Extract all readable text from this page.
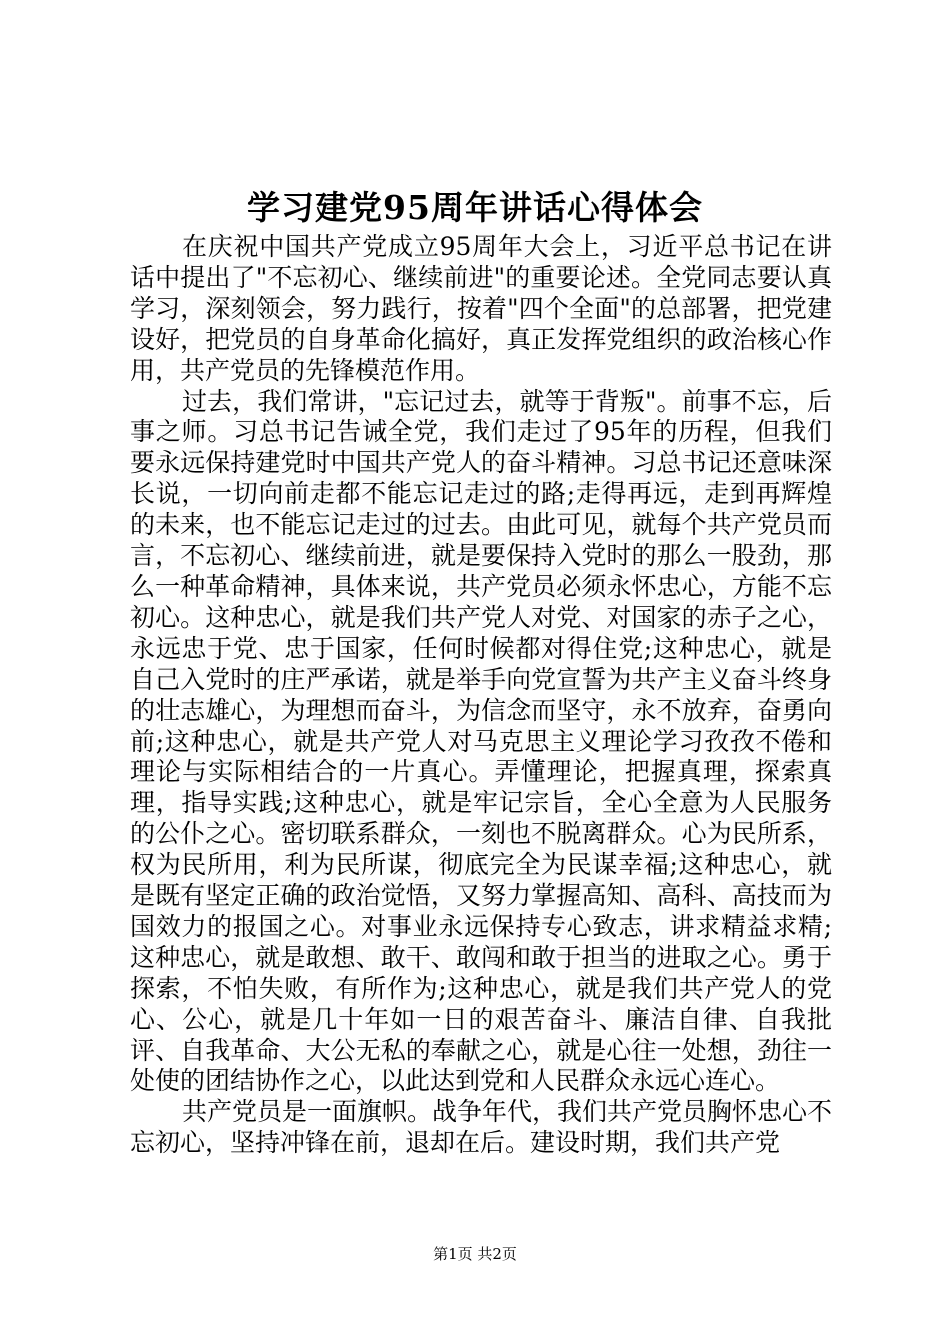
学习建党95周年讲话心得体会

在庆祝中国共产党成立95周年大会上，习近平总书记在讲话中提出了"不忘初心、继续前进"的重要论述。全党同志要认真学习，深刻领会，努力践行，按着"四个全面"的总部署，把党建设好，把党员的自身革命化搞好，真正发挥党组织的政治核心作用，共产党员的先锋模范作用。

过去，我们常讲，"忘记过去，就等于背叛"。前事不忘，后事之师。习总书记告诫全党，我们走过了95年的历程，但我们要永远保持建党时中国共产党人的奋斗精神。习总书记还意味深长说，一切向前走都不能忘记走过的路;走得再远，走到再辉煌的未来，也不能忘记走过的过去。由此可见，就每个共产党员而言，不忘初心、继续前进，就是要保持入党时的那么一股劲，那么一种革命精神，具体来说，共产党员必须永怀忠心，方能不忘初心。这种忠心，就是我们共产党人对党、对国家的赤子之心，永远忠于党、忠于国家，任何时候都对得住党;这种忠心，就是自己入党时的庄严承诺，就是举手向党宣誓为共产主义奋斗终身的壮志雄心，为理想而奋斗，为信念而坚守，永不放弃，奋勇向前;这种忠心，就是共产党人对马克思主义理论学习孜孜不倦和理论与实际相结合的一片真心。弄懂理论，把握真理，探索真理，指导实践;这种忠心，就是牢记宗旨，全心全意为人民服务的公仆之心。密切联系群众，一刻也不脱离群众。心为民所系，权为民所用，利为民所谋，彻底完全为民谋幸福;这种忠心，就是既有坚定正确的政治觉悟，又努力掌握高知、高科、高技而为国效力的报国之心。对事业永远保持专心致志，讲求精益求精;这种忠心，就是敢想、敢干、敢闯和敢于担当的进取之心。勇于探索，不怕失败，有所作为;这种忠心，就是我们共产党人的党心、公心，就是几十年如一日的艰苦奋斗、廉洁自律、自我批评、自我革命、大公无私的奉献之心，就是心往一处想，劲往一处使的团结协作之心，以此达到党和人民群众永远心连心。

共产党员是一面旗帜。战争年代，我们共产党员胸怀忠心不忘初心，坚持冲锋在前，退却在后。建设时期，我们共产党

第1页 共2页
